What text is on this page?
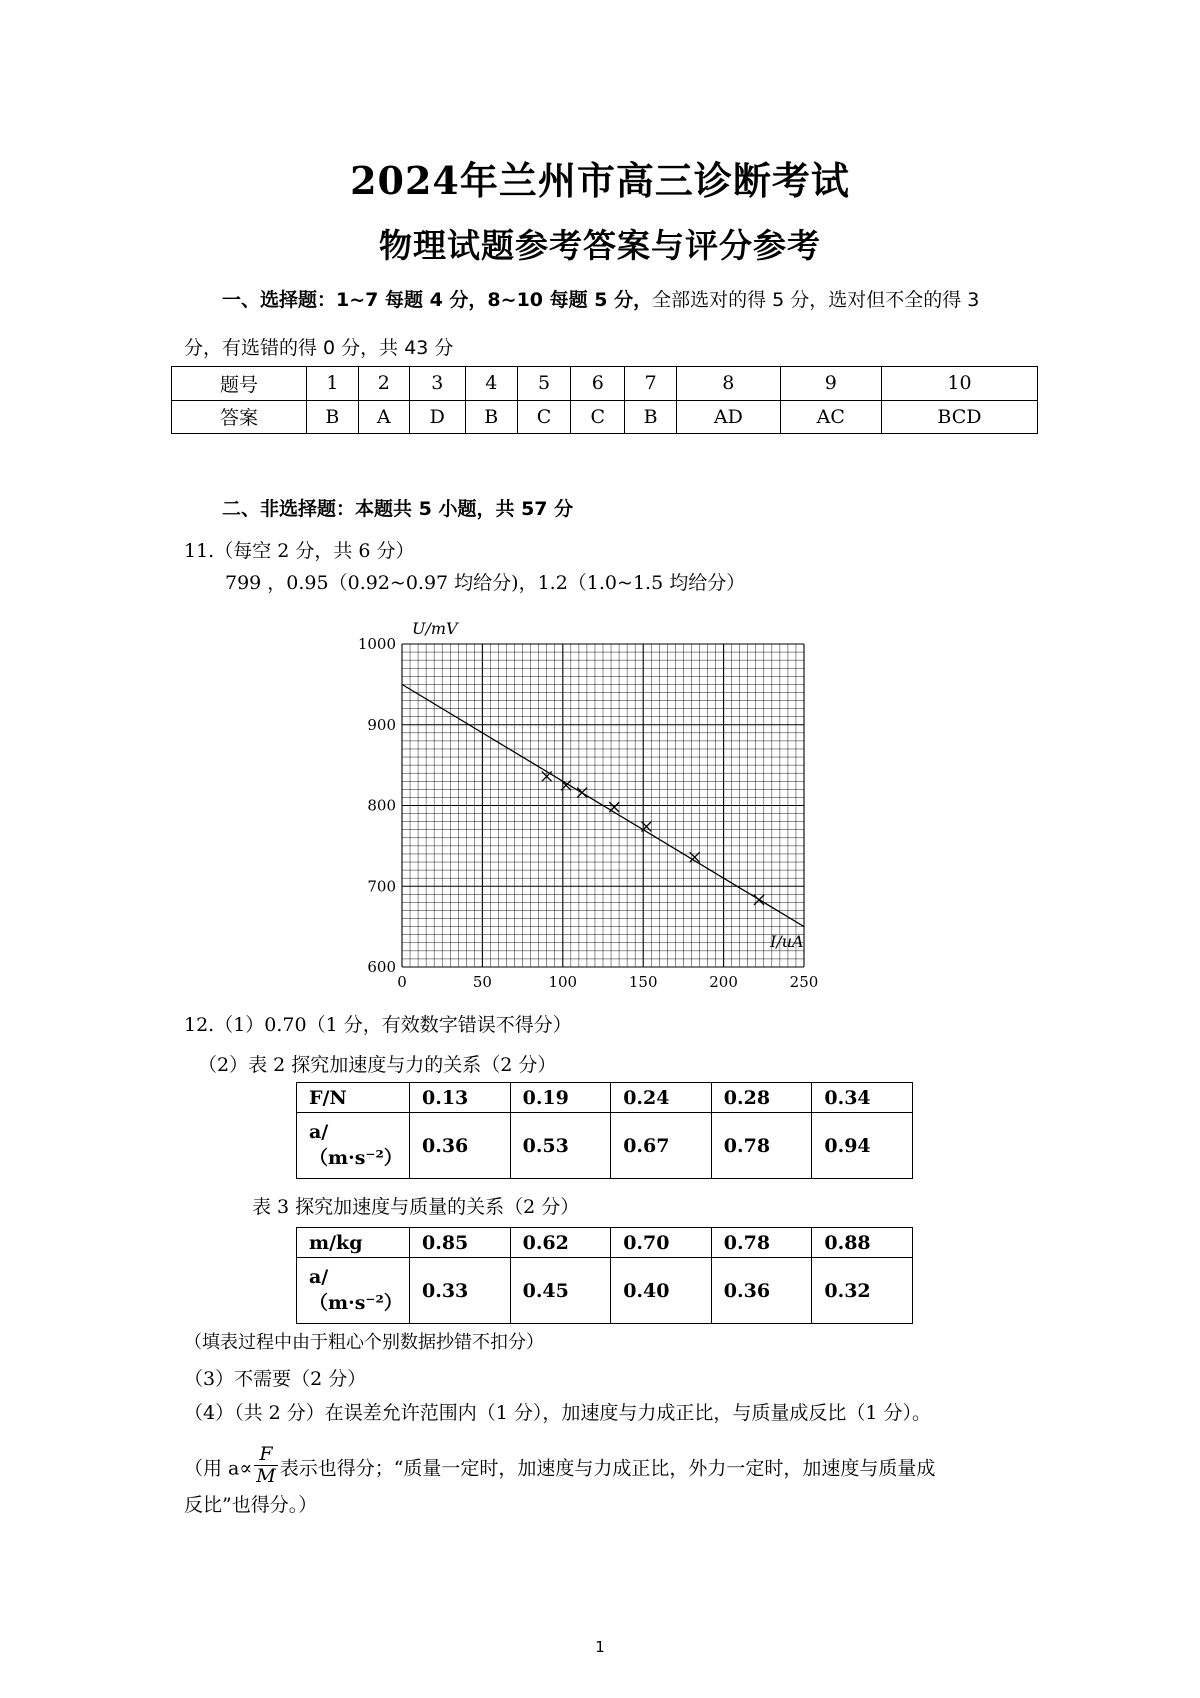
2024年兰州市高三诊断考试
物理试题参考答案与评分参考
一、选择题：1~7 每题 4 分，8~10 每题 5 分，全部选对的得 5 分，选对但不全的得 3
分，有选错的得 0 分，共 43 分
题号	1	2	3	4	5	6	7	8	9	10
答案	B	A	D	B	C	C	B	AD	AC	BCD
二、非选择题：本题共 5 小题，共 57 分
11.（每空 2 分，共 6 分）
799 ，0.95（0.92~0.97 均给分)，1.2（1.0~1.5 均给分）
0	50	100	150	200	250
600
700
800
900
1000
U/mV
I/uA
12.（1）0.70（1 分，有效数字错误不得分）
（2）表 2 探究加速度与力的关系（2 分）
F/N	0.13	0.19	0.24	0.28	0.34
a/（m·s⁻²）	0.36	0.53	0.67	0.78	0.94
表 3 探究加速度与质量的关系（2 分）
m/kg	0.85	0.62	0.70	0.78	0.88
a/（m·s⁻²）	0.33	0.45	0.40	0.36	0.32
（填表过程中由于粗心个别数据抄错不扣分）
（3）不需要（2 分）
（4）（共 2 分）在误差允许范围内（1 分），加速度与力成正比，与质量成反比（1 分）。
（用 $a\propto \frac{F}{M}$ 表示也得分；“质量一定时，加速度与力成正比，外力一定时，加速度与质量成
反比”也得分。）
1
